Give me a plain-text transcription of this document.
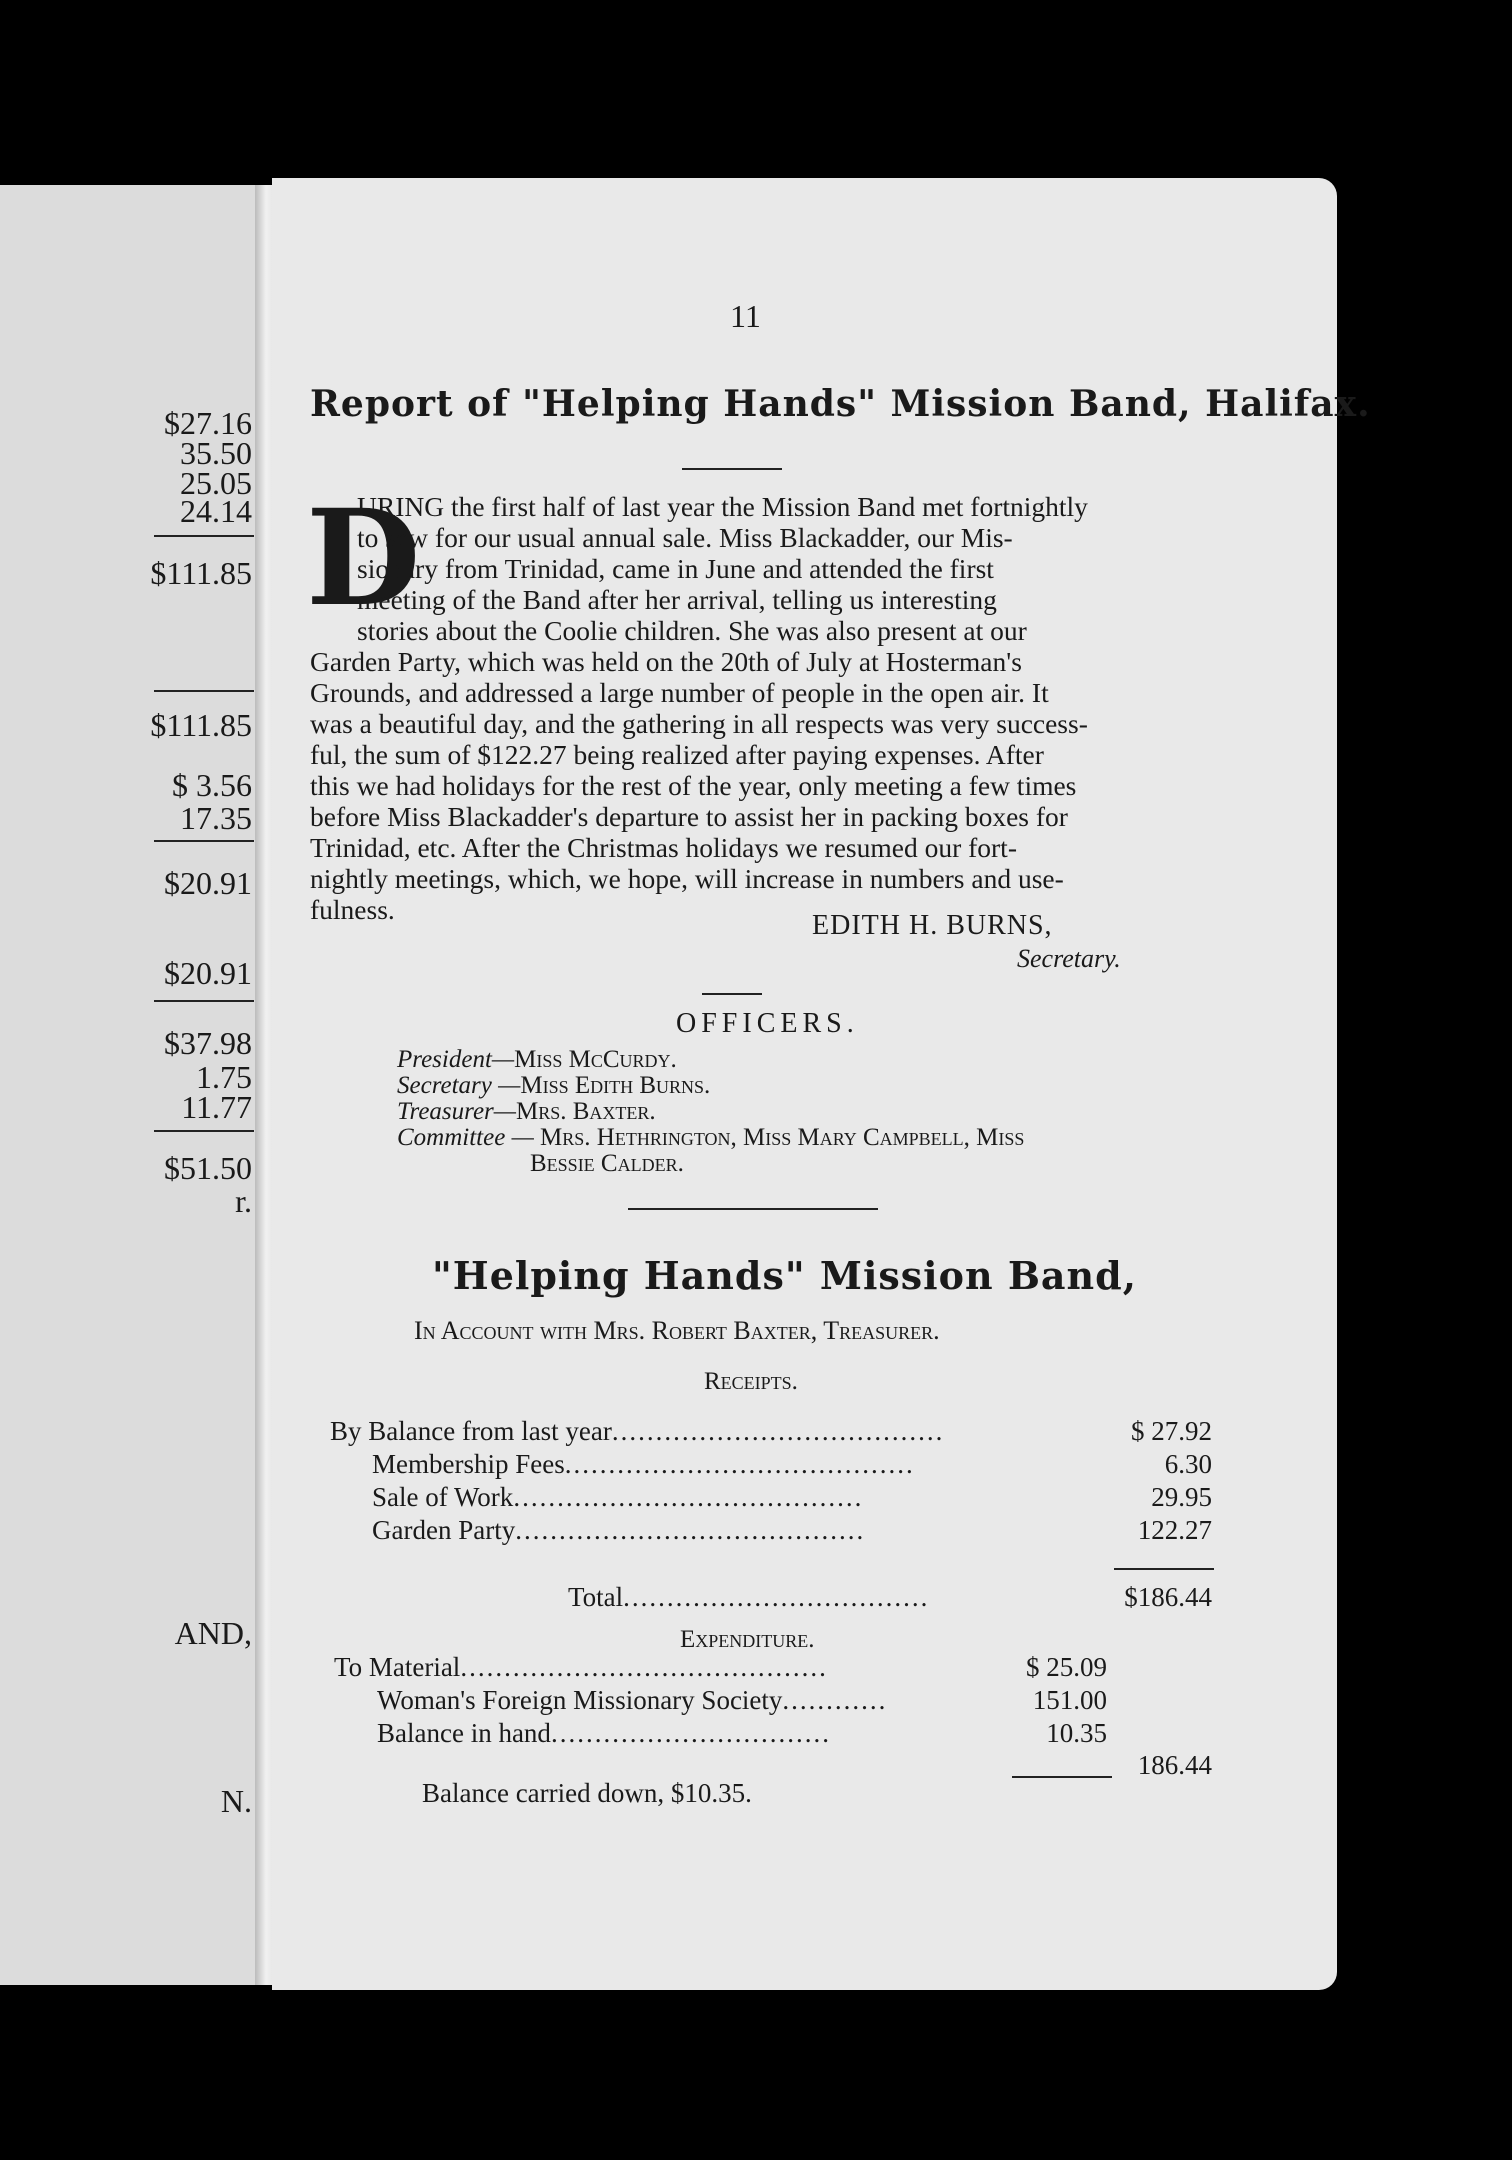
$27.16
35.50
25.05
24.14
$111.85
$111.85
$ 3.56
17.35
$20.91
$20.91
$37.98
1.75
11.77
$51.50
r.
AND,
N.
11
Report of "Helping Hands" Mission Band, Halifax.
D
URING the first half of last year the Mission Band met fortnightly
to sew for our usual annual sale. Miss Blackadder, our Mis-
sionary from Trinidad, came in June and attended the first
meeting of the Band after her arrival, telling us interesting
stories about the Coolie children. She was also present at our
Garden Party, which was held on the 20th of July at Hosterman's
Grounds, and addressed a large number of people in the open air. It
was a beautiful day, and the gathering in all respects was very success-
ful, the sum of $122.27 being realized after paying expenses. After
this we had holidays for the rest of the year, only meeting a few times
before Miss Blackadder's departure to assist her in packing boxes for
Trinidad, etc. After the Christmas holidays we resumed our fort-
nightly meetings, which, we hope, will increase in numbers and use-
fulness.
EDITH H. BURNS,
Secretary.
OFFICERS.
President—Miss McCurdy.
Secretary —Miss Edith Burns.
Treasurer—Mrs. Baxter.
Committee — Mrs. Hethrington, Miss Mary Campbell, Miss
Bessie Calder.
"Helping Hands" Mission Band,
In Account with Mrs. Robert Baxter, Treasurer.
Receipts.
By Balance from last year......................................	$ 27.92
Membership Fees........................................	6.30
Sale of Work........................................	29.95
Garden Party........................................	122.27
Total...................................	$186.44
Expenditure.
To Material..........................................	$ 25.09
Woman's Foreign Missionary Society............	151.00
Balance in hand................................	10.35
186.44
Balance carried down, $10.35.
